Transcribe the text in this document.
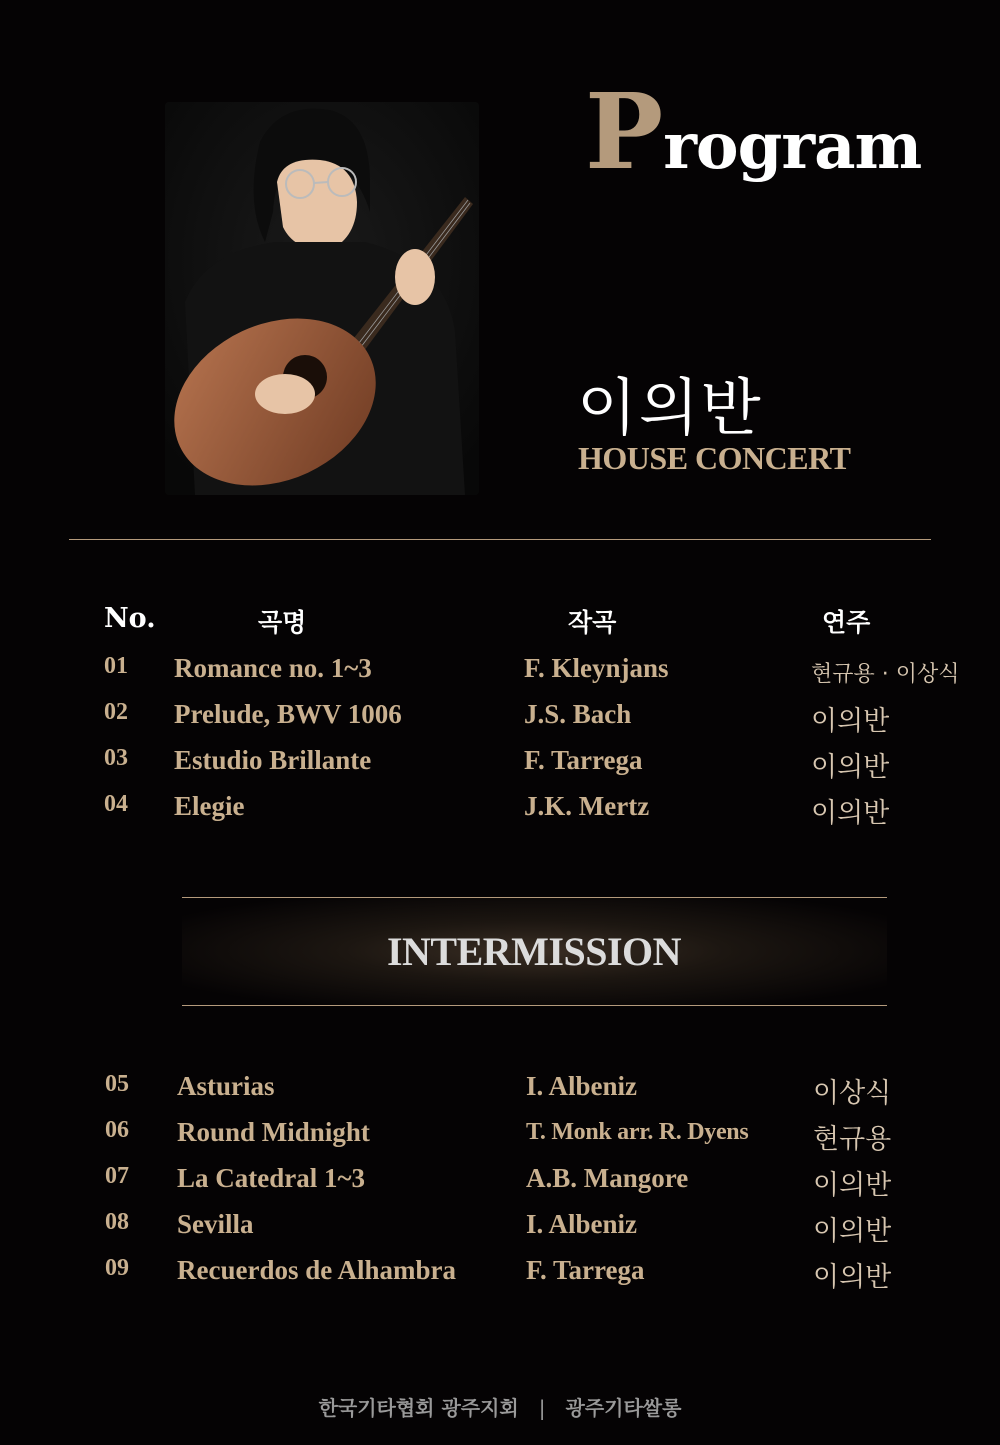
Program
이의반
HOUSE CONCERT
No.	곡명	작곡	연주
01 Romance no. 1~3	F. Kleynjans	현규용 · 이상식
02 Prelude, BWV 1006	J.S. Bach	이의반
03 Estudio Brillante	F. Tarrega	이의반
04 Elegie	J.K. Mertz	이의반
INTERMISSION
05 Asturias	I. Albeniz	이상식
06 Round Midnight	T. Monk arr. R. Dyens 현규용
07 La Catedral 1~3	A.B. Mangore	이의반
08 Sevilla	I. Albeniz	이의반
09 Recuerdos de Alhambra	F. Tarrega	이의반
한국기타협회 광주지회 | 광주기타쌀롱
